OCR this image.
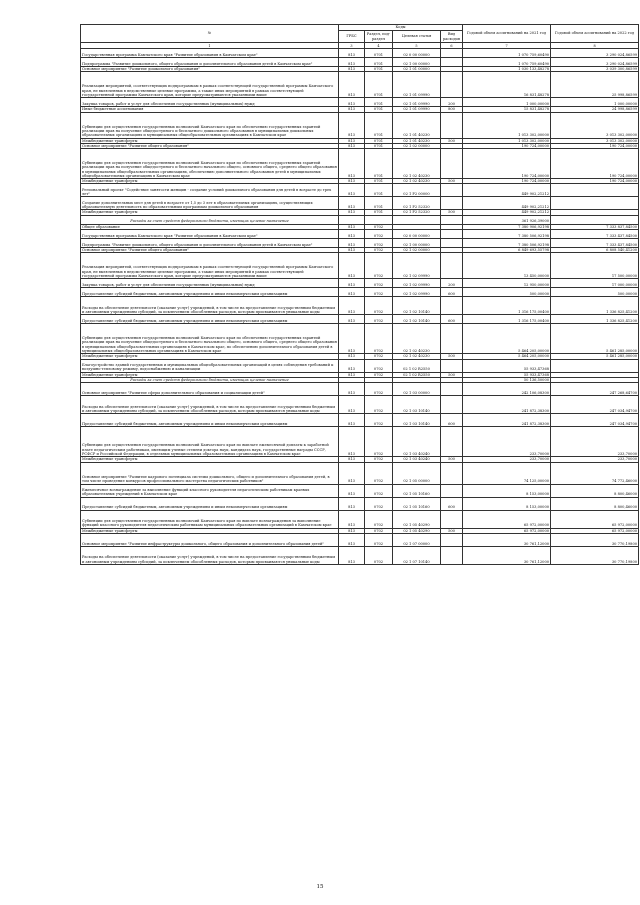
№	Коды				Годовой объем ассигнований на 2021 год	Годовой объем ассигнований на 2022 год
	ГРБС	Раздел, под-раздел	Целевая статья	Вид расходов		
1	3	4	5	6	7	8
Государственная программа Камчатского края "Развитие образования в Камчатском крае"	813	0701	02 0 00 00000		1 070 759,60490	3 290 024,86599
Подпрограмма "Развитие дошкольного, общего образования и дополнительного образования детей в Камчатском крае"	813	0701	02 1 00 00000		1 070 759,60490	3 290 024,86599
Основное мероприятие "Развитие дошкольного образования"	813	0701	02 1 01 00000		1 030 133,48278	3 039 300,86599
Реализация мероприятий, соответствующих подпрограммам в рамках соответствующей государственной программы Камчатского края, не включенных в ведомственные целевые программы, а также иных мероприятий в рамках соответствующей государственной программы Камчатского края, которые предусматриваются указанными выше	813	0701	02 1 01 09990		16 831,48278	25 998,86599
Закупка товаров, работ и услуг для обеспечения государственных (муниципальных) нужд	813	0701	02 1 01 09990	200	1 000,00000	1 000,00000
Иные бюджетные ассигнования	813	0701	02 1 01 09990	800	15 831,48278	24 998,86599
Субвенции для осуществления государственных полномочий Камчатского края по обеспечению государственных гарантий реализации прав на получение общедоступного и бесплатного дошкольного образования в муниципальных дошкольных образовательных организациях и муниципальных общеобразовательных организациях в Камчатском крае	813	0701	02 1 01 40230		1 013 302,00000	3 013 302,00000
Межбюджетные трансферты	813	0701	02 1 01 40230	500	1 013 302,00000	3 013 302,00000
Основное мероприятие "Развитие общего образования"	813	0701	02 1 02 00000		190 724,00000	190 724,00000
Субвенции для осуществления государственных полномочий Камчатского края по обеспечению государственных гарантий реализации прав на получение общедоступного и бесплатного начального общего, основного общего, среднего общего образования в муниципальных общеобразовательных организациях, обеспечению дополнительного образования детей в муниципальных общеобразовательных организациях в Камчатском крае	813	0701	02 1 02 40230		190 724,00000	190 724,00000
Межбюджетные трансферты	813	0701	02 1 02 40230	500	190 724,00000	190 724,00000
Региональный проект "Содействие занятости женщин - создание условий дошкольного образования для детей в возрасте до трех лет"	813	0701	02 1 P2 00000		449 902,21212	
Создание дополнительных мест для детей в возрасте от 1,5 до 3 лет в образовательных организациях, осуществляющих образовательную деятельность по образовательным программам дошкольного образования	813	0701	02 1 P2 52320		449 902,21212	
Межбюджетные трансферты	813	0701	02 1 P2 52320	500	449 902,21212	
Расходы за счет средств федерального бюджета, имеющих целевое назначение					361 926,39000	
Общее образование	813	0702			7 380 906,92198	7 333 837,84500
Государственная программа Камчатского края "Развитие образования в Камчатском крае"	813	0702	02 0 00 00000		7 380 506,92198	7 333 437,84500
Подпрограмма "Развитие дошкольного, общего образования и дополнительного образования детей в Камчатском крае"	813	0702	02 1 00 00000		7 380 506,92198	7 333 437,84500
Основное мероприятие "Развитие общего образования"	813	0702	02 1 02 00000		6 849 693,55798	6 808 540,41200
Реализация мероприятий, соответствующих подпрограммам в рамках соответствующей государственной программы Камчатского края, не включенных в ведомственные целевые программы, а также иных мероприятий в рамках соответствующей государственной программы Камчатского края, которые предусматриваются указанными выше	813	0702	02 1 02 09990		13 450,00000	17 500,00000
Закупка товаров, работ и услуг для обеспечения государственных (муниципальных) нужд	813	0702	02 1 02 09990	200	12 950,00000	17 000,00000
Предоставление субсидий бюджетным, автономным учреждениям и иным некоммерческим организациям	813	0702	02 1 02 09990	600	500,00000	500,00000
Расходы на обеспечение деятельности (оказание услуг) учреждений, в том числе на предоставление государственным бюджетным и автономным учреждениям субсидий, за исключением обособленных расходов, которым присваиваются уникальные коды	813	0702	02 1 02 10140		1 316 175,00400	1 336 825,41200
Предоставление субсидий бюджетным, автономным учреждениям и иным некоммерческим организациям	813	0702	02 1 02 10140	600	1 316 175,00400	1 336 825,41200
Субвенции для осуществления государственных полномочий Камчатского края по обеспечению государственных гарантий реализации прав на получение общедоступного и бесплатного начального общего, основного общего, среднего общего образования в муниципальных общеобразовательных организациях в Камчатском крае, по обеспечению дополнительного образования детей в муниципальных общеобразовательных организациях в Камчатском крае	813	0702	02 1 02 40230		5 464 205,00000	5 461 285,00000
Межбюджетные трансферты	813	0702	02 1 02 40230	500	5 464 205,00000	5 461 285,00000
Благоустройство зданий государственных и муниципальных общеобразовательных организаций в целях соблюдения требований к воздушно-тепловому режиму, водоснабжению и канализации	813	0702	02 1 02 R2550		55 933,47368	
Межбюджетные трансферты	813	0702	02 1 02 R2550	500	55 933,47368	
Расходы за счет средств федерального бюджета, имеющих целевое назначение					50 136,50000	
Основное мероприятие "Развитие сферы дополнительного образования и социализации детей"	813	0702	02 1 03 00000		242 106,08300	247 268,64700
Расходы на обеспечение деятельности (оказание услуг) учреждений, в том числе на предоставление государственным бюджетным и автономным учреждениям субсидий, за исключением обособленных расходов, которым присваиваются уникальные коды	813	0702	02 1 03 10140		241 872,38300	247 034,94700
Предоставление субсидий бюджетным, автономным учреждениям и иным некоммерческим организациям	813	0702	02 1 03 10140	600	241 872,38300	247 034,94700
Субвенции для осуществления государственных полномочий Камчатского края по выплате ежемесячной доплаты к заработной плате педагогическим работникам, имеющим ученые степени доктора наук, кандидата наук, государственные награды СССР, РСФСР и Российской Федерации, в отдельных муниципальных образовательных организациях в Камчатском крае	813	0702	02 1 03 40240		233,70000	233,70000
Межбюджетные трансферты	813	0702	02 1 03 40240	500	233,70000	233,70000
Основное мероприятие "Развитие кадрового потенциала системы дошкольного, общего и дополнительного образования детей, в том числе проведение конкурсов профессионального мастерства педагогических работников"	813	0702	02 1 05 00000		74 125,00000	74 772,46000
Ежемесячное вознаграждение за выполнение функций классного руководителя педагогическим работникам краевых образовательных учреждений в Камчатском крае	813	0702	02 1 05 10160		8 153,00000	8 800,46000
Предоставление субсидий бюджетным, автономным учреждениям и иным некоммерческим организациям	813	0702	02 1 05 10160	600	8 153,00000	8 800,46000
Субвенции для осуществления государственных полномочий Камчатского края по выплате вознаграждения за выполнение функций классного руководителя педагогическим работникам муниципальных образовательных организаций в Камчатском крае	813	0702	02 1 05 40290		65 972,00000	65 972,00000
Межбюджетные трансферты	813	0702	02 1 05 40290	500	65 972,00000	65 972,00000
Основное мероприятие "Развитие инфраструктуры дошкольного, общего образования и дополнительного образования детей"	813	0702	02 1 07 00000		30 761,12000	30 770,19800
Расходы на обеспечение деятельности (оказание услуг) учреждений, в том числе на предоставление государственным бюджетным и автономным учреждениям субсидий, за исключением обособленных расходов, которым присваиваются уникальные коды	813	0702	02 1 07 10140		30 761,12000	30 770,19800
15
